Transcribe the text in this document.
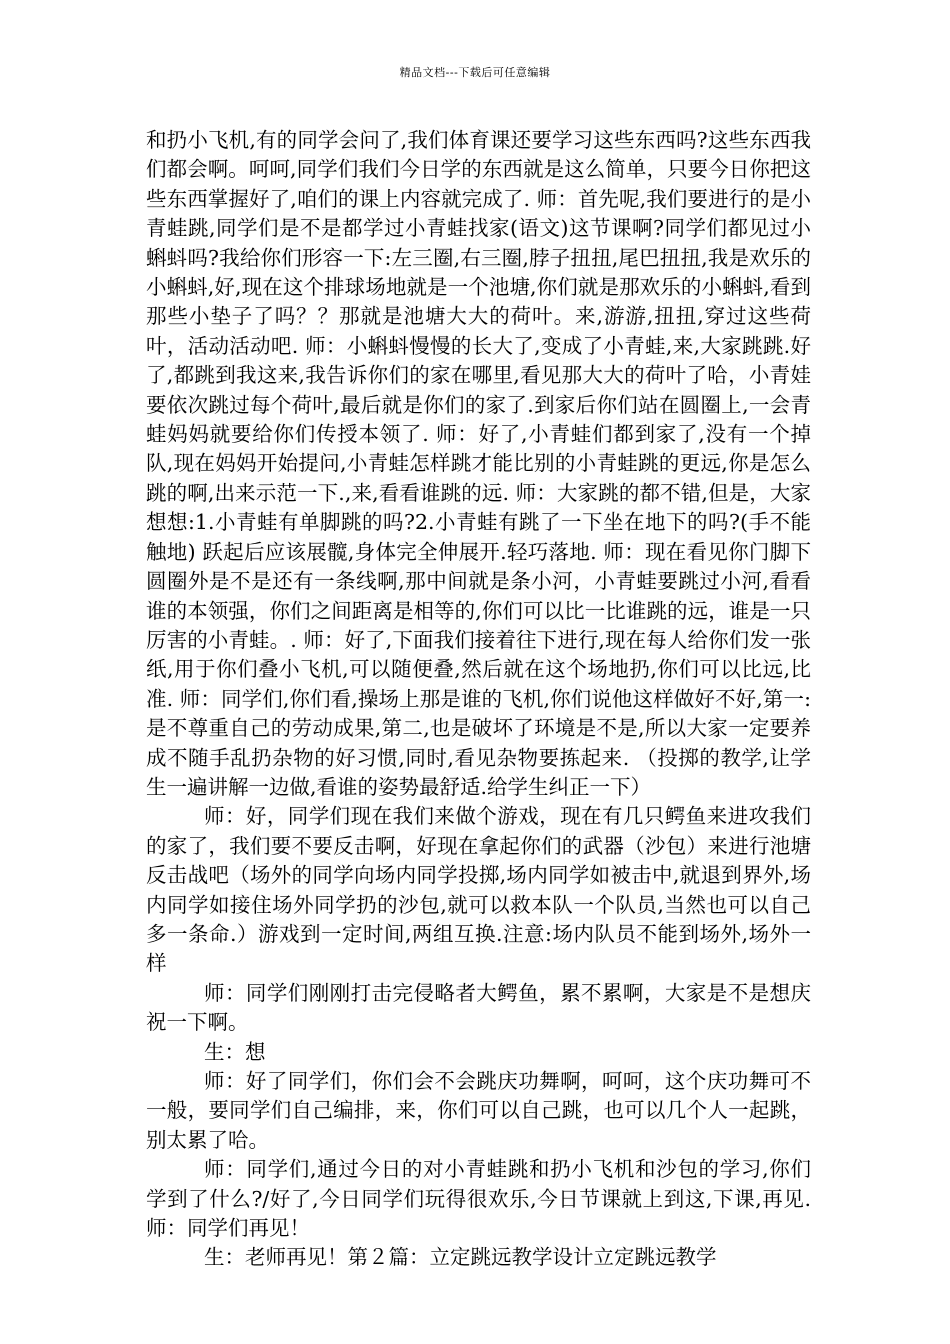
精品文档---下载后可任意编辑

和扔小飞机,有的同学会问了,我们体育课还要学习这些东西吗?这些东西我们都会啊。呵呵,同学们我们今日学的东西就是这么简单，只要今日你把这些东西掌握好了,咱们的课上内容就完成了. 师：首先呢,我们要进行的是小青蛙跳,同学们是不是都学过小青蛙找家(语文)这节课啊?同学们都见过小蝌蚪吗?我给你们形容一下:左三圈,右三圈,脖子扭扭,尾巴扭扭,我是欢乐的小蝌蚪,好,现在这个排球场地就是一个池塘,你们就是那欢乐的小蝌蚪,看到那些小垫子了吗？？那就是池塘大大的荷叶。来,游游,扭扭,穿过这些荷叶，活动活动吧. 师：小蝌蚪慢慢的长大了,变成了小青蛙,来,大家跳跳.好了,都跳到我这来,我告诉你们的家在哪里,看见那大大的荷叶了哈，小青娃要依次跳过每个荷叶,最后就是你们的家了.到家后你们站在圆圈上,一会青蛙妈妈就要给你们传授本领了. 师：好了,小青蛙们都到家了,没有一个掉队,现在妈妈开始提问,小青蛙怎样跳才能比别的小青蛙跳的更远,你是怎么跳的啊,出来示范一下.,来,看看谁跳的远. 师：大家跳的都不错,但是，大家想想:1.小青蛙有单脚跳的吗?2.小青蛙有跳了一下坐在地下的吗?(手不能触地) 跃起后应该展髋,身体完全伸展开.轻巧落地. 师：现在看见你门脚下圆圈外是不是还有一条线啊,那中间就是条小河，小青蛙要跳过小河,看看谁的本领强，你们之间距离是相等的,你们可以比一比谁跳的远，谁是一只厉害的小青蛙。. 师：好了,下面我们接着往下进行,现在每人给你们发一张纸,用于你们叠小飞机,可以随便叠,然后就在这个场地扔,你们可以比远,比准. 师：同学们,你们看,操场上那是谁的飞机,你们说他这样做好不好,第一:是不尊重自己的劳动成果,第二,也是破坏了环境是不是,所以大家一定要养成不随手乱扔杂物的好习惯,同时,看见杂物要拣起来. （投掷的教学,让学生一遍讲解一边做,看谁的姿势最舒适.给学生纠正一下）

师：好，同学们现在我们来做个游戏，现在有几只鳄鱼来进攻我们的家了，我们要不要反击啊，好现在拿起你们的武器（沙包）来进行池塘反击战吧（场外的同学向场内同学投掷,场内同学如被击中,就退到界外,场内同学如接住场外同学扔的沙包,就可以救本队一个队员,当然也可以自己多一条命.）游戏到一定时间,两组互换.注意:场内队员不能到场外,场外一样

师：同学们刚刚打击完侵略者大鳄鱼，累不累啊，大家是不是想庆祝一下啊。

生：想

师：好了同学们，你们会不会跳庆功舞啊，呵呵，这个庆功舞可不一般，要同学们自己编排，来，你们可以自己跳，也可以几个人一起跳，别太累了哈。

师：同学们,通过今日的对小青蛙跳和扔小飞机和沙包的学习,你们学到了什么?/好了,今日同学们玩得很欢乐,今日节课就上到这,下课,再见. 师：同学们再见！

生：老师再见！第２篇：立定跳远教学设计立定跳远教学
